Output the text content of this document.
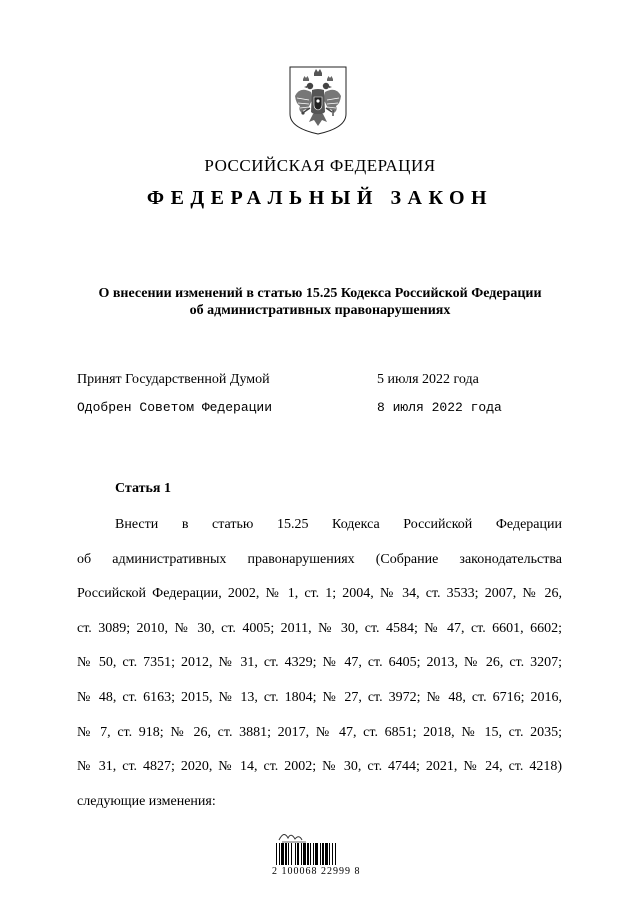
РОССИЙСКАЯ ФЕДЕРАЦИЯ
ФЕДЕРАЛЬНЫЙ ЗАКОН
О внесении изменений в статью 15.25 Кодекса Российской Федерации
об административных правонарушениях
Принят Государственной Думой	5 июля 2022 года
Одобрен Советом Федерации	8 июля 2022 года
Статья 1
Внести в статью 15.25 Кодекса Российской Федерации
об административных правонарушениях (Собрание законодательства
Российской Федерации, 2002, № 1, ст. 1; 2004, № 34, ст. 3533; 2007, № 26,
ст. 3089; 2010, № 30, ст. 4005; 2011, № 30, ст. 4584; № 47, ст. 6601, 6602;
№ 50, ст. 7351; 2012, № 31, ст. 4329; № 47, ст. 6405; 2013, № 26, ст. 3207;
№ 48, ст. 6163; 2015, № 13, ст. 1804; № 27, ст. 3972; № 48, ст. 6716; 2016,
№ 7, ст. 918; № 26, ст. 3881; 2017, № 47, ст. 6851; 2018, № 15, ст. 2035;
№ 31, ст. 4827; 2020, № 14, ст. 2002; № 30, ст. 4744; 2021, № 24, ст. 4218)
следующие изменения:
2 100068 22999 8
